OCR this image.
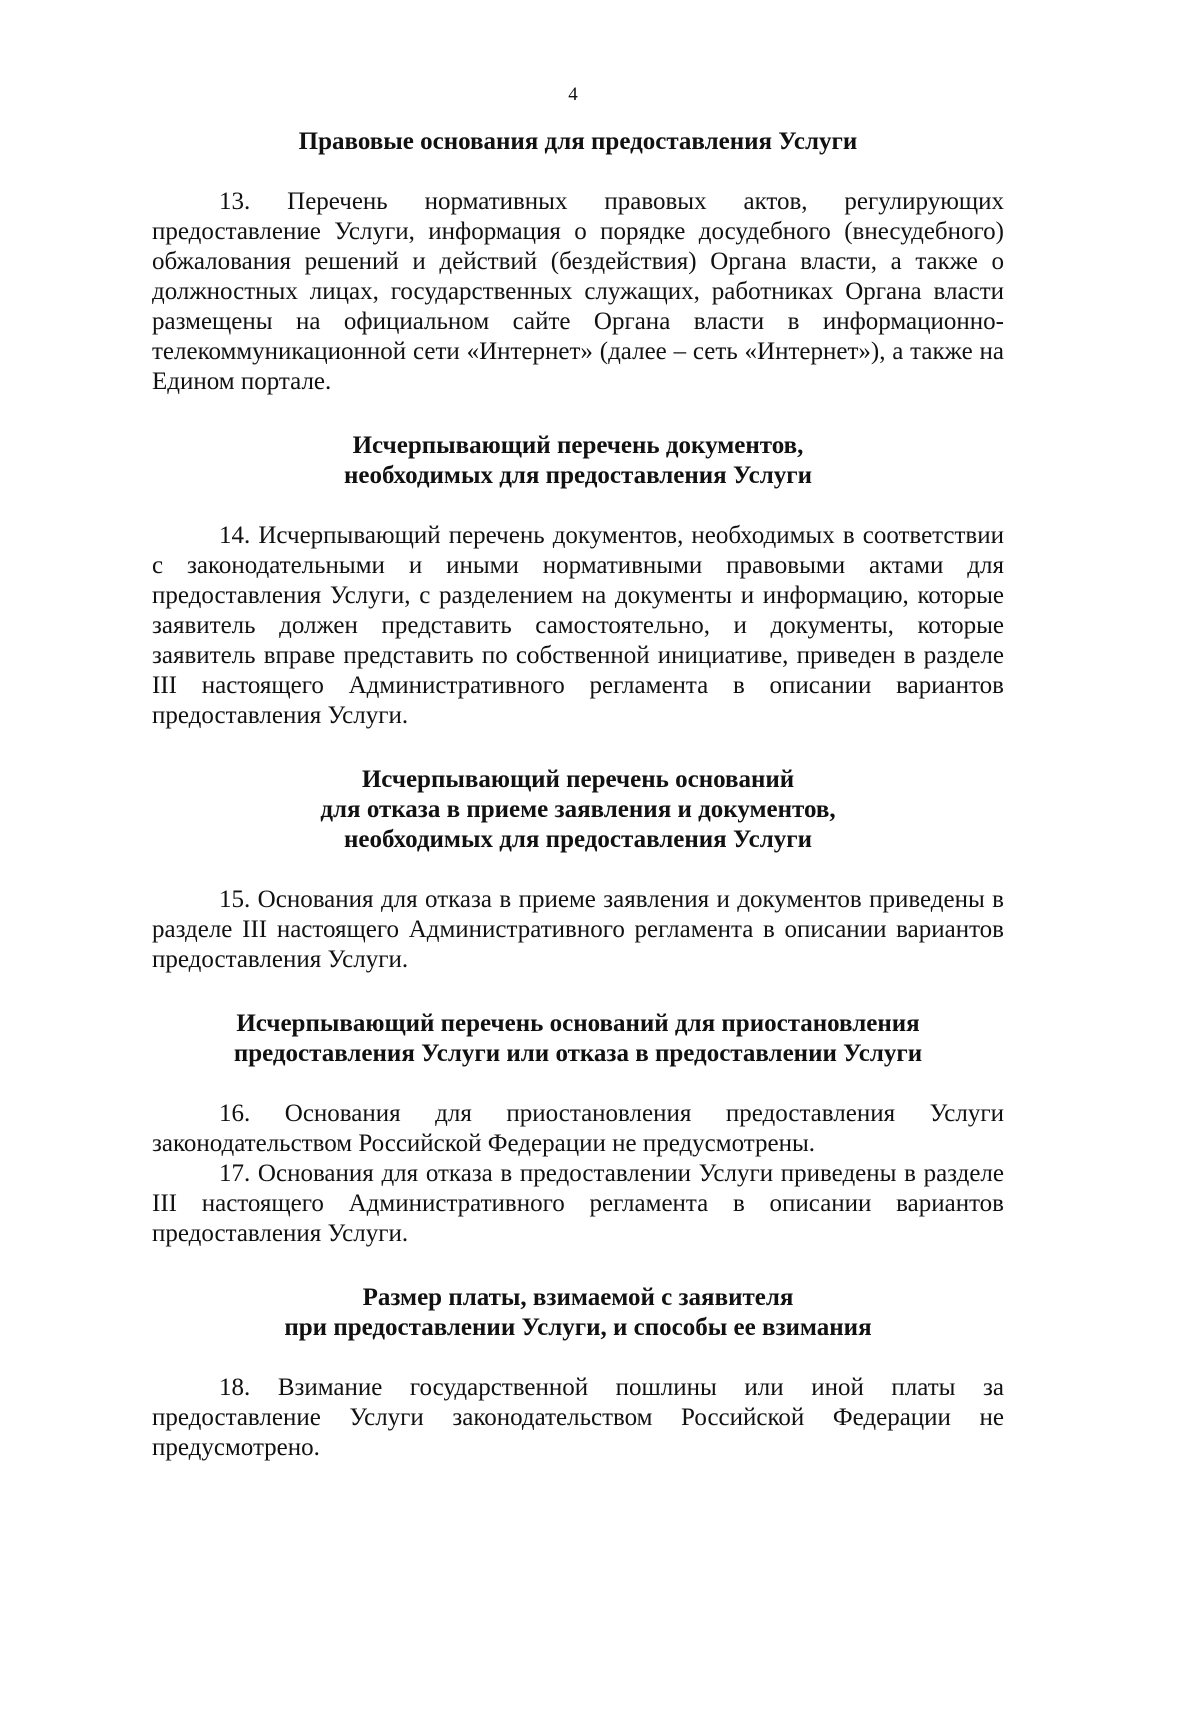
4
Правовые основания для предоставления Услуги

13. Перечень нормативных правовых актов, регулирующих предоставление Услуги, информация о порядке досудебного (внесудебного) обжалования решений и действий (бездействия) Органа власти, а также о должностных лицах, государственных служащих, работниках Органа власти размещены на официальном сайте Органа власти в информационно-телекоммуникационной сети «Интернет» (далее – сеть «Интернет»), а также на Едином портале.

Исчерпывающий перечень документов,
необходимых для предоставления Услуги

14. Исчерпывающий перечень документов, необходимых в соответствии с законодательными и иными нормативными правовыми актами для предоставления Услуги, с разделением на документы и информацию, которые заявитель должен представить самостоятельно, и документы, которые заявитель вправе представить по собственной инициативе, приведен в разделе III настоящего Административного регламента в описании вариантов предоставления Услуги.

Исчерпывающий перечень оснований
для отказа в приеме заявления и документов,
необходимых для предоставления Услуги

15. Основания для отказа в приеме заявления и документов приведены в разделе III настоящего Административного регламента в описании вариантов предоставления Услуги.

Исчерпывающий перечень оснований для приостановления
предоставления Услуги или отказа в предоставлении Услуги

16. Основания для приостановления предоставления Услуги законодательством Российской Федерации не предусмотрены.

17. Основания для отказа в предоставлении Услуги приведены в разделе III настоящего Административного регламента в описании вариантов предоставления Услуги.

Размер платы, взимаемой с заявителя
при предоставлении Услуги, и способы ее взимания

18. Взимание государственной пошлины или иной платы за предоставление Услуги законодательством Российской Федерации не предусмотрено.
